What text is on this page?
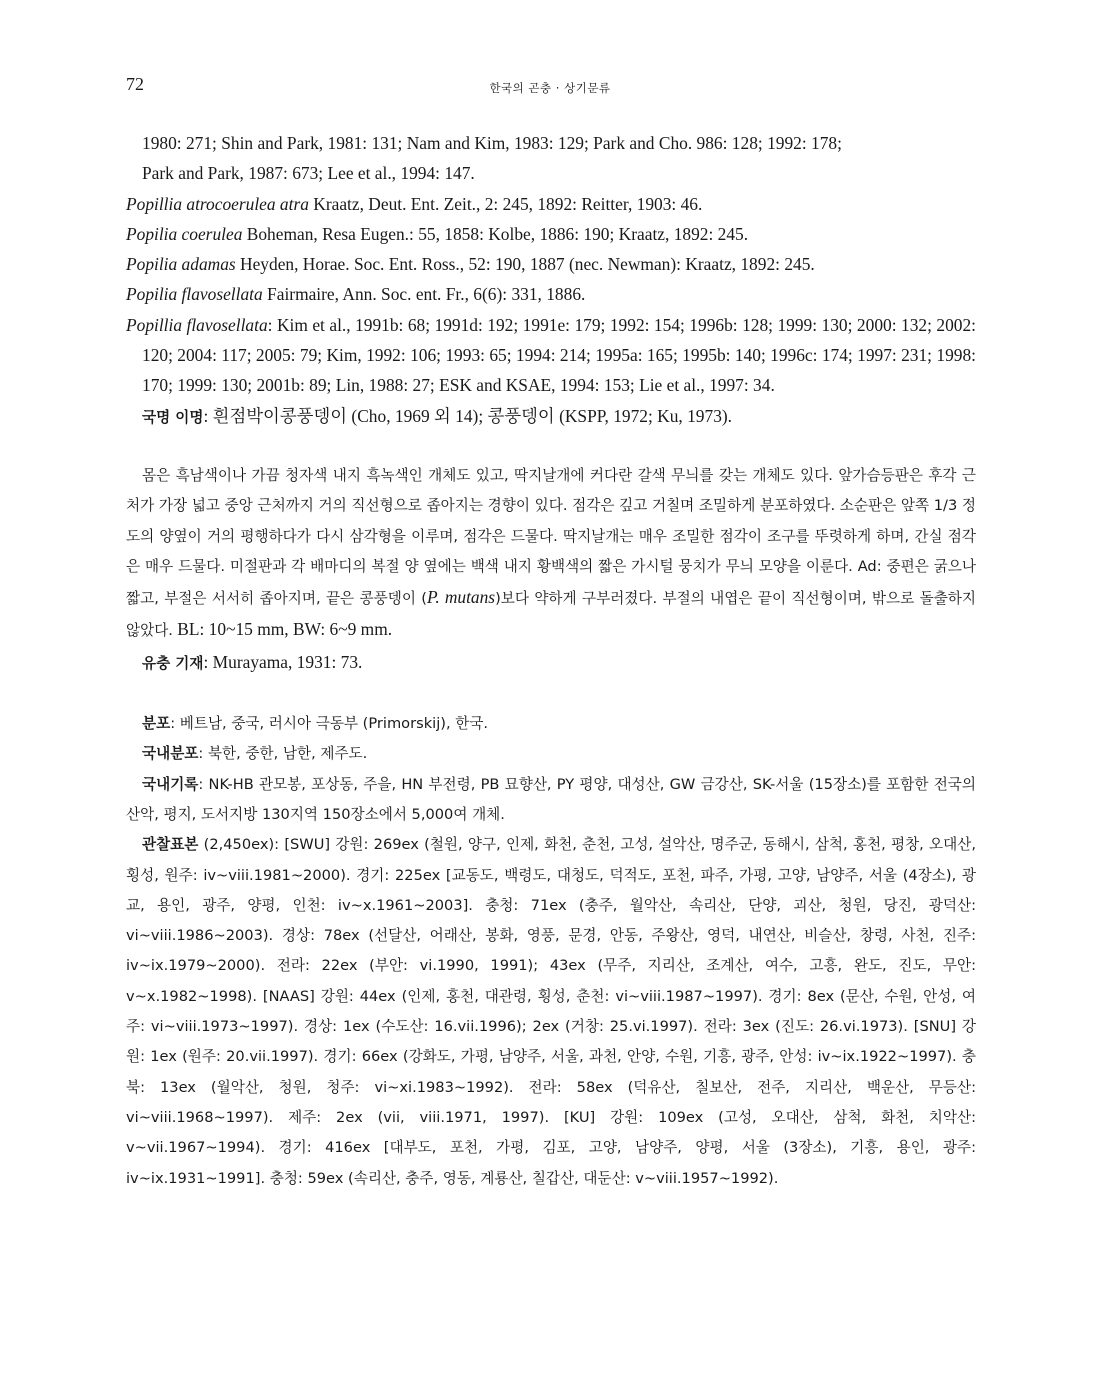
72	한국의 곤충 · 상기문류

1980: 271; Shin and Park, 1981: 131; Nam and Kim, 1983: 129; Park and Cho. 986: 128; 1992: 178;
Park and Park, 1987: 673; Lee et al., 1994: 147.

Popillia atrocoerulea atra Kraatz, Deut. Ent. Zeit., 2: 245, 1892: Reitter, 1903: 46.

Popilia coerulea Boheman, Resa Eugen.: 55, 1858: Kolbe, 1886: 190; Kraatz, 1892: 245.

Popilia adamas Heyden, Horae. Soc. Ent. Ross., 52: 190, 1887 (nec. Newman): Kraatz, 1892: 245.

Popilia flavosellata Fairmaire, Ann. Soc. ent. Fr., 6(6): 331, 1886.

Popillia flavosellata: Kim et al., 1991b: 68; 1991d: 192; 1991e: 179; 1992: 154; 1996b: 128; 1999: 130; 2000: 132; 2002: 120; 2004: 117; 2005: 79; Kim, 1992: 106; 1993: 65; 1994: 214; 1995a: 165; 1995b: 140; 1996c: 174; 1997: 231; 1998: 170; 1999: 130; 2001b: 89; Lin, 1988: 27; ESK and KSAE, 1994: 153; Lie et al., 1997: 34.

국명 이명: 흰점박이콩풍뎅이 (Cho, 1969 외 14); 콩풍뎅이 (KSPP, 1972; Ku, 1973).

몸은 흑남색이나 가끔 청자색 내지 흑녹색인 개체도 있고, 딱지날개에 커다란 갈색 무늬를 갖는 개체도 있다. 앞가슴등판은 후각 근처가 가장 넓고 중앙 근처까지 거의 직선형으로 좁아지는 경향이 있다. 점각은 깊고 거칠며 조밀하게 분포하였다. 소순판은 앞쪽 1/3 정도의 양옆이 거의 평행하다가 다시 삼각형을 이루며, 점각은 드물다. 딱지날개는 매우 조밀한 점각이 조구를 뚜렷하게 하며, 간실 점각은 매우 드물다. 미절판과 각 배마디의 복절 양 옆에는 백색 내지 황백색의 짧은 가시털 뭉치가 무늬 모양을 이룬다. Ad: 중편은 굵으나 짧고, 부절은 서서히 좁아지며, 끝은 콩풍뎅이 (P. mutans)보다 약하게 구부러졌다. 부절의 내엽은 끝이 직선형이며, 밖으로 돌출하지 않았다. BL: 10~15 mm, BW: 6~9 mm.

유충 기재: Murayama, 1931: 73.

분포: 베트남, 중국, 러시아 극동부 (Primorskij), 한국.

국내분포: 북한, 중한, 남한, 제주도.

국내기록: NK-HB 관모봉, 포상동, 주을, HN 부전령, PB 묘향산, PY 평양, 대성산, GW 금강산, SK-서울 (15장소)를 포함한 전국의 산악, 평지, 도서지방 130지역 150장소에서 5,000여 개체.

관찰표본 (2,450ex): [SWU] 강원: 269ex (철원, 양구, 인제, 화천, 춘천, 고성, 설악산, 명주군, 동해시, 삼척, 홍천, 평창, 오대산, 횡성, 원주: iv~viii.1981~2000). 경기: 225ex [교동도, 백령도, 대청도, 덕적도, 포천, 파주, 가평, 고양, 남양주, 서울 (4장소), 광교, 용인, 광주, 양평, 인천: iv~x.1961~2003]. 충청: 71ex (충주, 월악산, 속리산, 단양, 괴산, 청원, 당진, 광덕산: vi~viii.1986~2003). 경상: 78ex (선달산, 어래산, 봉화, 영풍, 문경, 안동, 주왕산, 영덕, 내연산, 비슬산, 창령, 사천, 진주: iv~ix.1979~2000). 전라: 22ex (부안: vi.1990, 1991); 43ex (무주, 지리산, 조계산, 여수, 고흥, 완도, 진도, 무안: v~x.1982~1998). [NAAS] 강원: 44ex (인제, 홍천, 대관령, 횡성, 춘천: vi~viii.1987~1997). 경기: 8ex (문산, 수원, 안성, 여주: vi~viii.1973~1997). 경상: 1ex (수도산: 16.vii.1996); 2ex (거창: 25.vi.1997). 전라: 3ex (진도: 26.vi.1973). [SNU] 강원: 1ex (원주: 20.vii.1997). 경기: 66ex (강화도, 가평, 남양주, 서울, 과천, 안양, 수원, 기흥, 광주, 안성: iv~ix.1922~1997). 충북: 13ex (월악산, 청원, 청주: vi~xi.1983~1992). 전라: 58ex (덕유산, 칠보산, 전주, 지리산, 백운산, 무등산: vi~viii.1968~1997). 제주: 2ex (vii, viii.1971, 1997). [KU] 강원: 109ex (고성, 오대산, 삼척, 화천, 치악산: v~vii.1967~1994). 경기: 416ex [대부도, 포천, 가평, 김포, 고양, 남양주, 양평, 서울 (3장소), 기흥, 용인, 광주: iv~ix.1931~1991]. 충청: 59ex (속리산, 충주, 영동, 계룡산, 칠갑산, 대둔산: v~viii.1957~1992).
